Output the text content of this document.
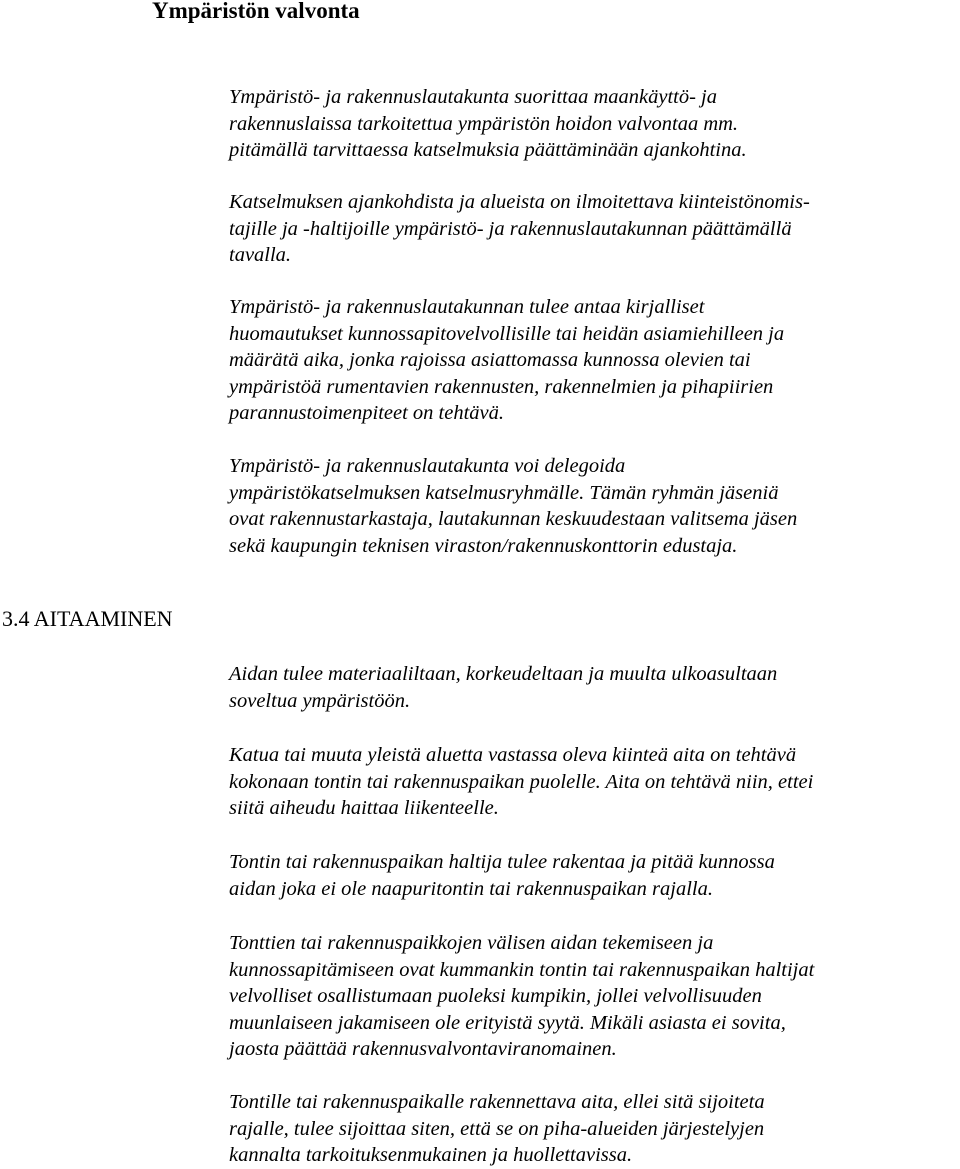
Ympäristön valvonta

Ympäristö- ja rakennuslautakunta suorittaa maankäyttö- ja
rakennuslaissa tarkoitettua ympäristön hoidon valvontaa mm.
pitämällä tarvittaessa katselmuksia päättäminään ajankohtina.

Katselmuksen ajankohdista ja alueista on ilmoitettava kiinteistönomis-
tajille ja -haltijoille ympäristö- ja rakennuslautakunnan päättämällä
tavalla.

Ympäristö- ja rakennuslautakunnan tulee antaa kirjalliset
huomautukset kunnossapitovelvollisille tai heidän asiamiehilleen ja
määrätä aika, jonka rajoissa asiattomassa kunnossa olevien tai
ympäristöä rumentavien rakennusten, rakennelmien ja pihapiirien
parannustoimenpiteet on tehtävä.

Ympäristö- ja rakennuslautakunta voi delegoida
ympäristökatselmuksen katselmusryhmälle. Tämän ryhmän jäseniä
ovat rakennustarkastaja, lautakunnan keskuudestaan valitsema jäsen
sekä kaupungin teknisen viraston/rakennuskonttorin edustaja.

3.4 AITAAMINEN

Aidan tulee materiaaliltaan, korkeudeltaan ja muulta ulkoasultaan
soveltua ympäristöön.

Katua tai muuta yleistä aluetta vastassa oleva kiinteä aita on tehtävä
kokonaan tontin tai rakennuspaikan puolelle. Aita on tehtävä niin, ettei
siitä aiheudu haittaa liikenteelle.

Tontin tai rakennuspaikan haltija tulee rakentaa ja pitää kunnossa
aidan joka ei ole naapuritontin tai rakennuspaikan rajalla.

Tonttien tai rakennuspaikkojen välisen aidan tekemiseen ja
kunnossapitämiseen ovat kummankin tontin tai rakennuspaikan haltijat
velvolliset osallistumaan puoleksi kumpikin, jollei velvollisuuden
muunlaiseen jakamiseen ole erityistä syytä. Mikäli asiasta ei sovita,
jaosta päättää rakennusvalvontaviranomainen.

Tontille tai rakennuspaikalle rakennettava aita, ellei sitä sijoiteta
rajalle, tulee sijoittaa siten, että se on piha-alueiden järjestelyjen
kannalta tarkoituksenmukainen ja huollettavissa.
